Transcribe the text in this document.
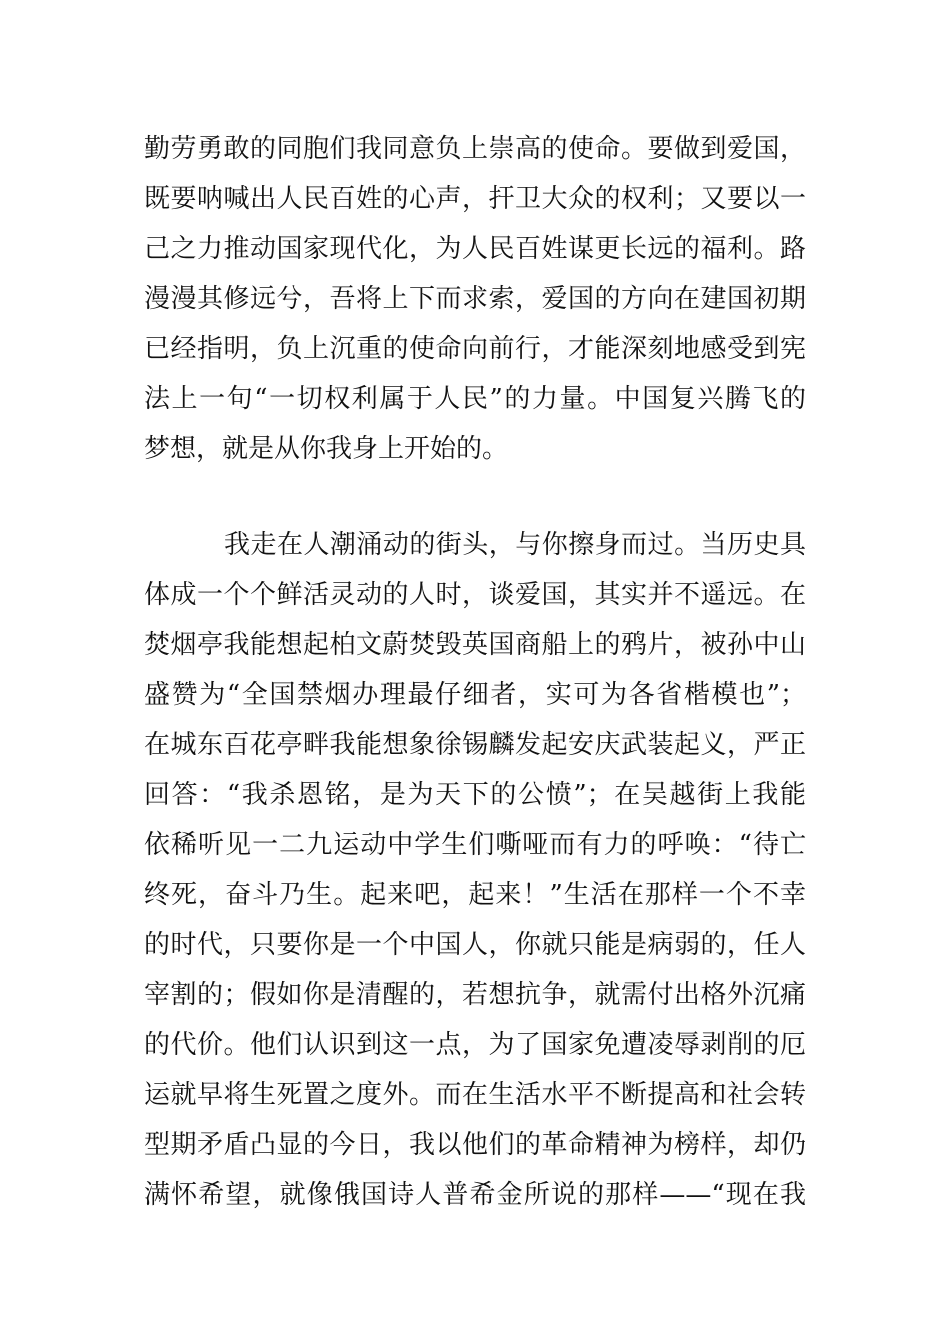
勤劳勇敢的同胞们我同意负上崇高的使命。要做到爱国，
既要呐喊出人民百姓的心声，扞卫大众的权利；又要以一
己之力推动国家现代化，为人民百姓谋更长远的福利。路
漫漫其修远兮，吾将上下而求索，爱国的方向在建国初期
已经指明，负上沉重的使命向前行，才能深刻地感受到宪
法上一句“一切权利属于人民”的力量。中国复兴腾飞的
梦想，就是从你我身上开始的。

我走在人潮涌动的街头，与你擦身而过。当历史具
体成一个个鲜活灵动的人时，谈爱国，其实并不遥远。在
焚烟亭我能想起柏文蔚焚毁英国商船上的鸦片，被孙中山
盛赞为“全国禁烟办理最仔细者，实可为各省楷模也”；
在城东百花亭畔我能想象徐锡麟发起安庆武装起义，严正
回答：“我杀恩铭，是为天下的公愤”；在吴越街上我能
依稀听见一二九运动中学生们嘶哑而有力的呼唤：“待亡
终死，奋斗乃生。起来吧，起来！”生活在那样一个不幸
的时代，只要你是一个中国人，你就只能是病弱的，任人
宰割的；假如你是清醒的，若想抗争，就需付出格外沉痛
的代价。他们认识到这一点，为了国家免遭凌辱剥削的厄
运就早将生死置之度外。而在生活水平不断提高和社会转
型期矛盾凸显的今日，我以他们的革命精神为榜样，却仍
满怀希望，就像俄国诗人普希金所说的那样——“现在我
